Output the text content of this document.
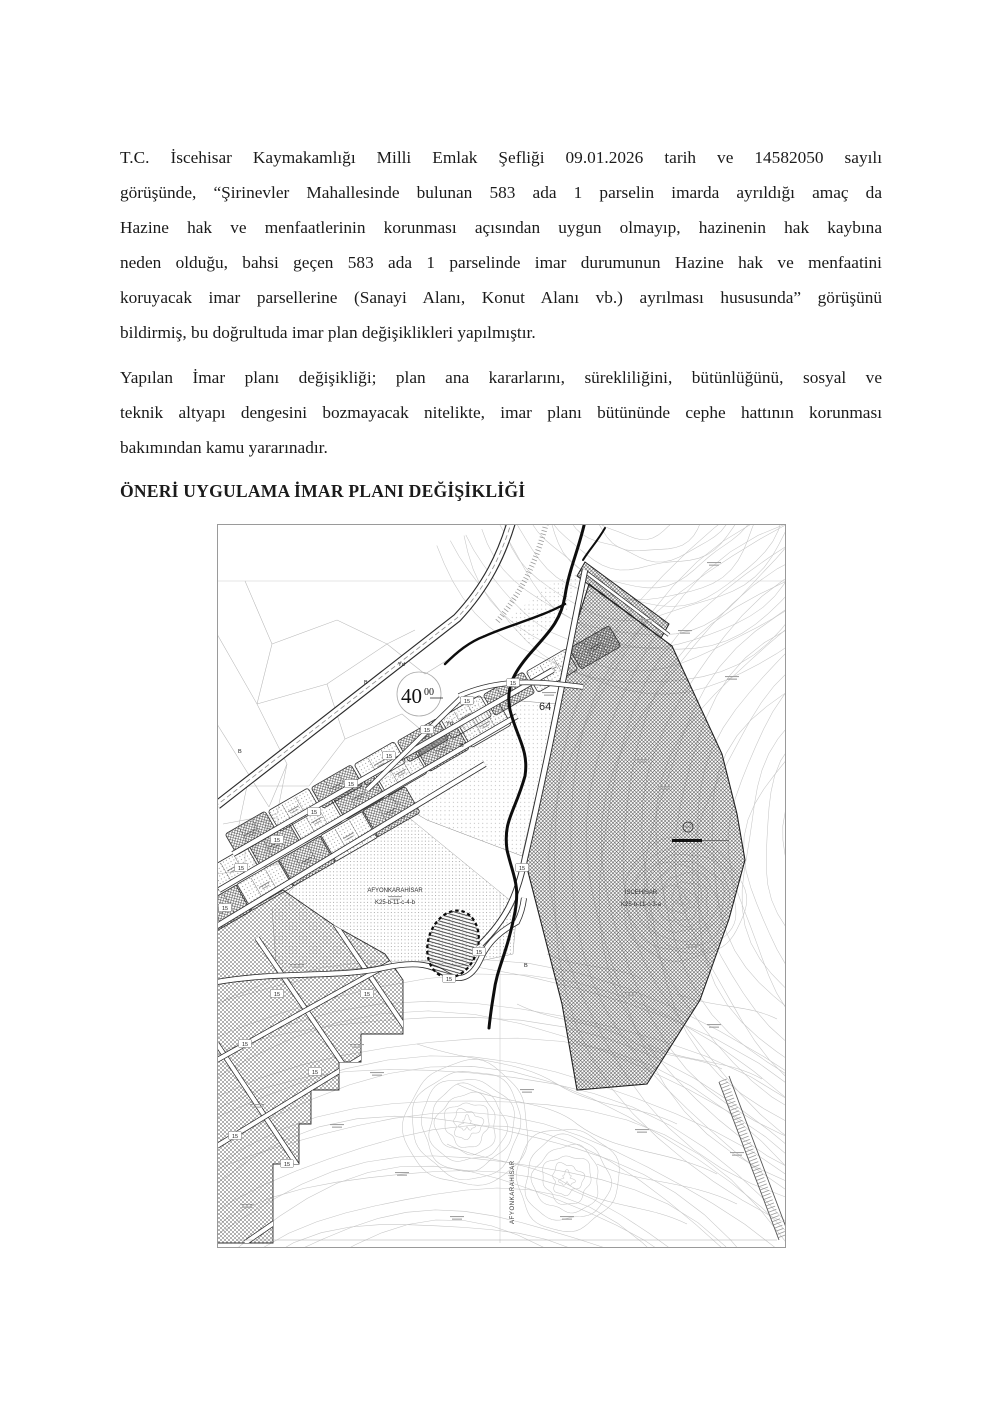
T.C. İscehisar Kaymakamlığı Milli Emlak Şefliği 09.01.2026 tarih ve 14582050 sayılı
görüşünde, “Şirinevler Mahallesinde bulunan 583 ada 1 parselin imarda ayrıldığı amaç da
Hazine hak ve menfaatlerinin korunması açısından uygun olmayıp, hazinenin hak kaybına
neden olduğu, bahsi geçen 583 ada 1 parselinde imar durumunun Hazine hak ve menfaatini
koruyacak imar parsellerine (Sanayi Alanı, Konut Alanı vb.) ayrılması hususunda” görüşünü
bildirmiş, bu doğrultuda imar plan değişiklikleri yapılmıştır.

Yapılan İmar planı değişikliği; plan ana kararlarını, sürekliliğini, bütünlüğünü, sosyal ve
teknik altyapı dengesini bozmayacak nitelikte, imar planı bütününde cephe hattının korunması
bakımından kamu yararınadır.

ÖNERİ UYGULAMA İMAR PLANI DEĞİŞİKLİĞİ
15
15
15
15
15
15
15
15
15
15
15
15
15
15
15
15
15
15
40 $^{00}$
64
AFYONKARAHİSAR
K25-b-11-c-4-b
İSCEHİSAR
K25-b-11-c-3-a
AFYONKARAHİSAR
Yd
Yd
B
B
B
B
